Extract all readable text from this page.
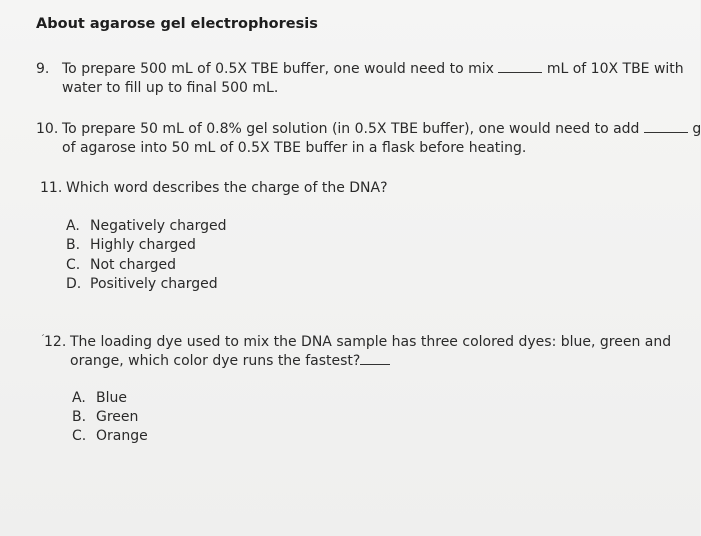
About agarose gel electrophoresis
9. To prepare 500 mL of 0.5X TBE buffer, one would need to mix	mL of 10X TBE with
water to fill up to final 500 mL.
10. To prepare 50 mL of 0.8% gel solution (in 0.5X TBE buffer), one would need to add	g
of agarose into 50 mL of 0.5X TBE buffer in a flask before heating.
11. Which word describes the charge of the DNA?
A. Negatively charged
B. Highly charged
C. Not charged
D. Positively charged
ˊ 12. The loading dye used to mix the DNA sample has three colored dyes: blue, green and
orange, which color dye runs the fastest?
A. Blue
B. Green
C. Orange
